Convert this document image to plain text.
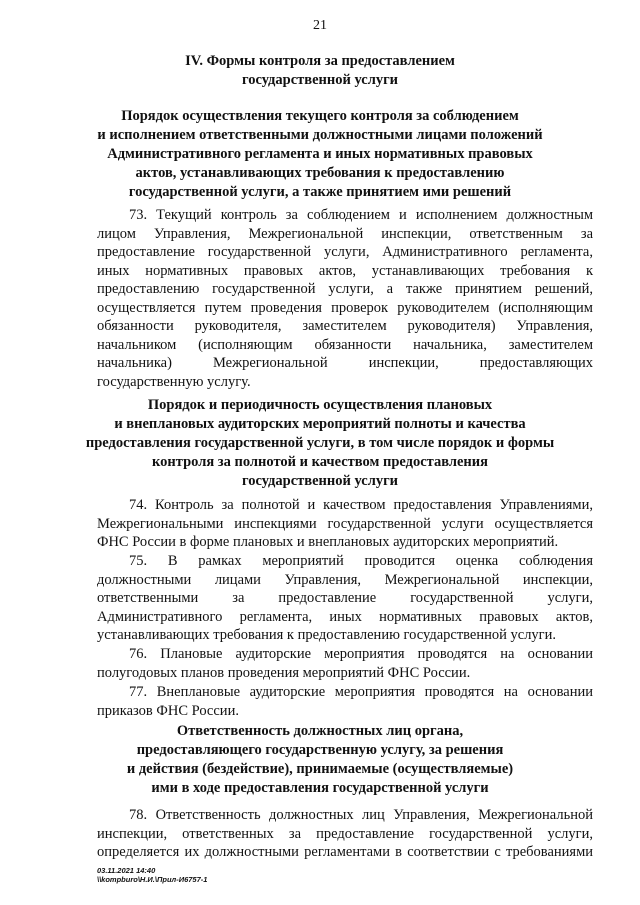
21
IV. Формы контроля за предоставлением
государственной услуги
Порядок осуществления текущего контроля за соблюдением
и исполнением ответственными должностными лицами положений
Административного регламента и иных нормативных правовых
актов, устанавливающих требования к предоставлению
государственной услуги, а также принятием ими решений
73. Текущий контроль за соблюдением и исполнением должностным
лицом Управления, Межрегиональной инспекции, ответственным за
предоставление государственной услуги, Административного регламента,
иных нормативных правовых актов, устанавливающих требования к
предоставлению государственной услуги, а также принятием решений,
осуществляется путем проведения проверок руководителем (исполняющим
обязанности руководителя, заместителем руководителя) Управления,
начальником (исполняющим обязанности начальника, заместителем
начальника) Межрегиональной инспекции, предоставляющих
государственную услугу.
Порядок и периодичность осуществления плановых
и внеплановых аудиторских мероприятий полноты и качества
предоставления государственной услуги, в том числе порядок и формы
контроля за полнотой и качеством предоставления
государственной услуги
74. Контроль за полнотой и качеством предоставления Управлениями,
Межрегиональными инспекциями государственной услуги осуществляется
ФНС России в форме плановых и внеплановых аудиторских мероприятий.
75. В рамках мероприятий проводится оценка соблюдения
должностными лицами Управления, Межрегиональной инспекции,
ответственными за предоставление государственной услуги,
Административного регламента, иных нормативных правовых актов,
устанавливающих требования к предоставлению государственной услуги.
76. Плановые аудиторские мероприятия проводятся на основании
полугодовых планов проведения мероприятий ФНС России.
77. Внеплановые аудиторские мероприятия проводятся на основании
приказов ФНС России.
Ответственность должностных лиц органа,
предоставляющего государственную услугу, за решения
и действия (бездействие), принимаемые (осуществляемые)
ими в ходе предоставления государственной услуги
78. Ответственность должностных лиц Управления, Межрегиональной
инспекции, ответственных за предоставление государственной услуги,
определяется их должностными регламентами в соответствии с требованиями
03.11.2021 14:40
\\kompburo\Н.И.\Прил-И6757-1
